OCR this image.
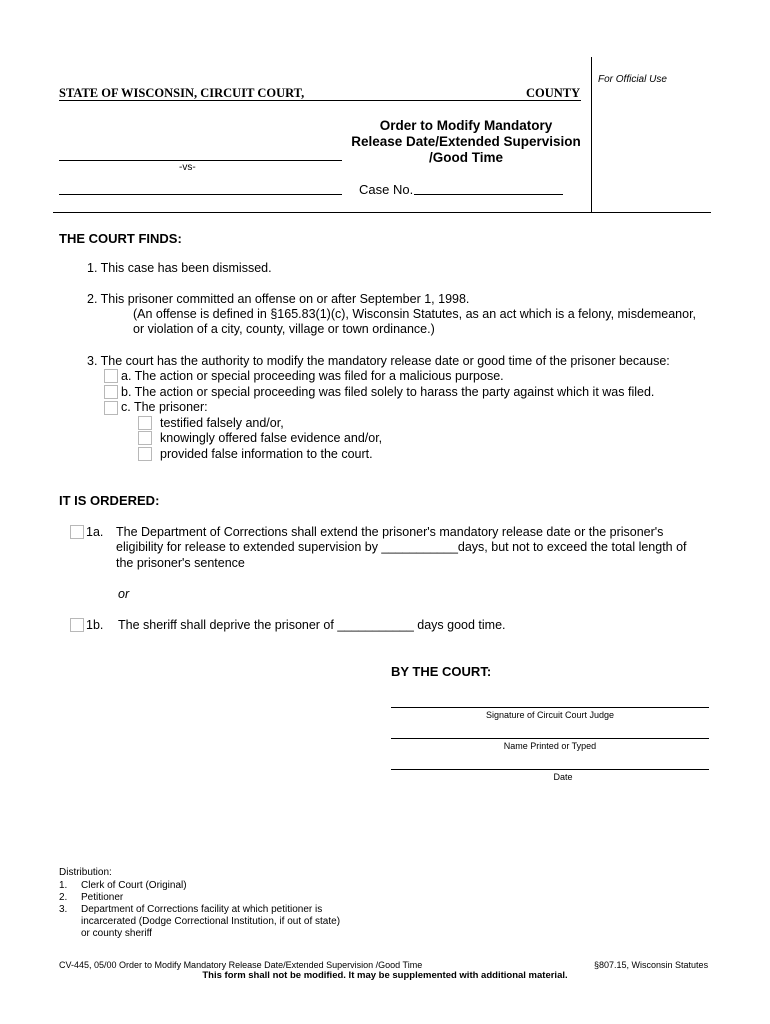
For Official Use
STATE OF WISCONSIN, CIRCUIT COURT,	COUNTY
Order to Modify Mandatory
Release Date/Extended Supervision
/Good Time
-vs-
Case No.
THE COURT FINDS:
1. This case has been dismissed.
2. This prisoner committed an offense on or after September 1, 1998.
(An offense is defined in §165.83(1)(c), Wisconsin Statutes, as an act which is a felony, misdemeanor,
or violation of a city, county, village or town ordinance.)
3. The court has the authority to modify the mandatory release date or good time of the prisoner because:
a. The action or special proceeding was filed for a malicious purpose.
b. The action or special proceeding was filed solely to harass the party against which it was filed.
c. The prisoner:
testified falsely and/or,
knowingly offered false evidence and/or,
provided false information to the court.
IT IS ORDERED:
1a. The Department of Corrections shall extend the prisoner's mandatory release date or the prisoner's
eligibility for release to extended supervision by ___________days, but not to exceed the total length of
the prisoner's sentence
or
1b. The sheriff shall deprive the prisoner of ___________ days good time.
BY THE COURT:
Signature of Circuit Court Judge
Name Printed or Typed
Date
Distribution:
1. Clerk of Court (Original)
2. Petitioner
3. Department of Corrections facility at which petitioner is
incarcerated (Dodge Correctional Institution, if out of state)
or county sheriff
CV-445, 05/00 Order to Modify Mandatory Release Date/Extended Supervision /Good Time	§807.15, Wisconsin Statutes
This form shall not be modified. It may be supplemented with additional material.
